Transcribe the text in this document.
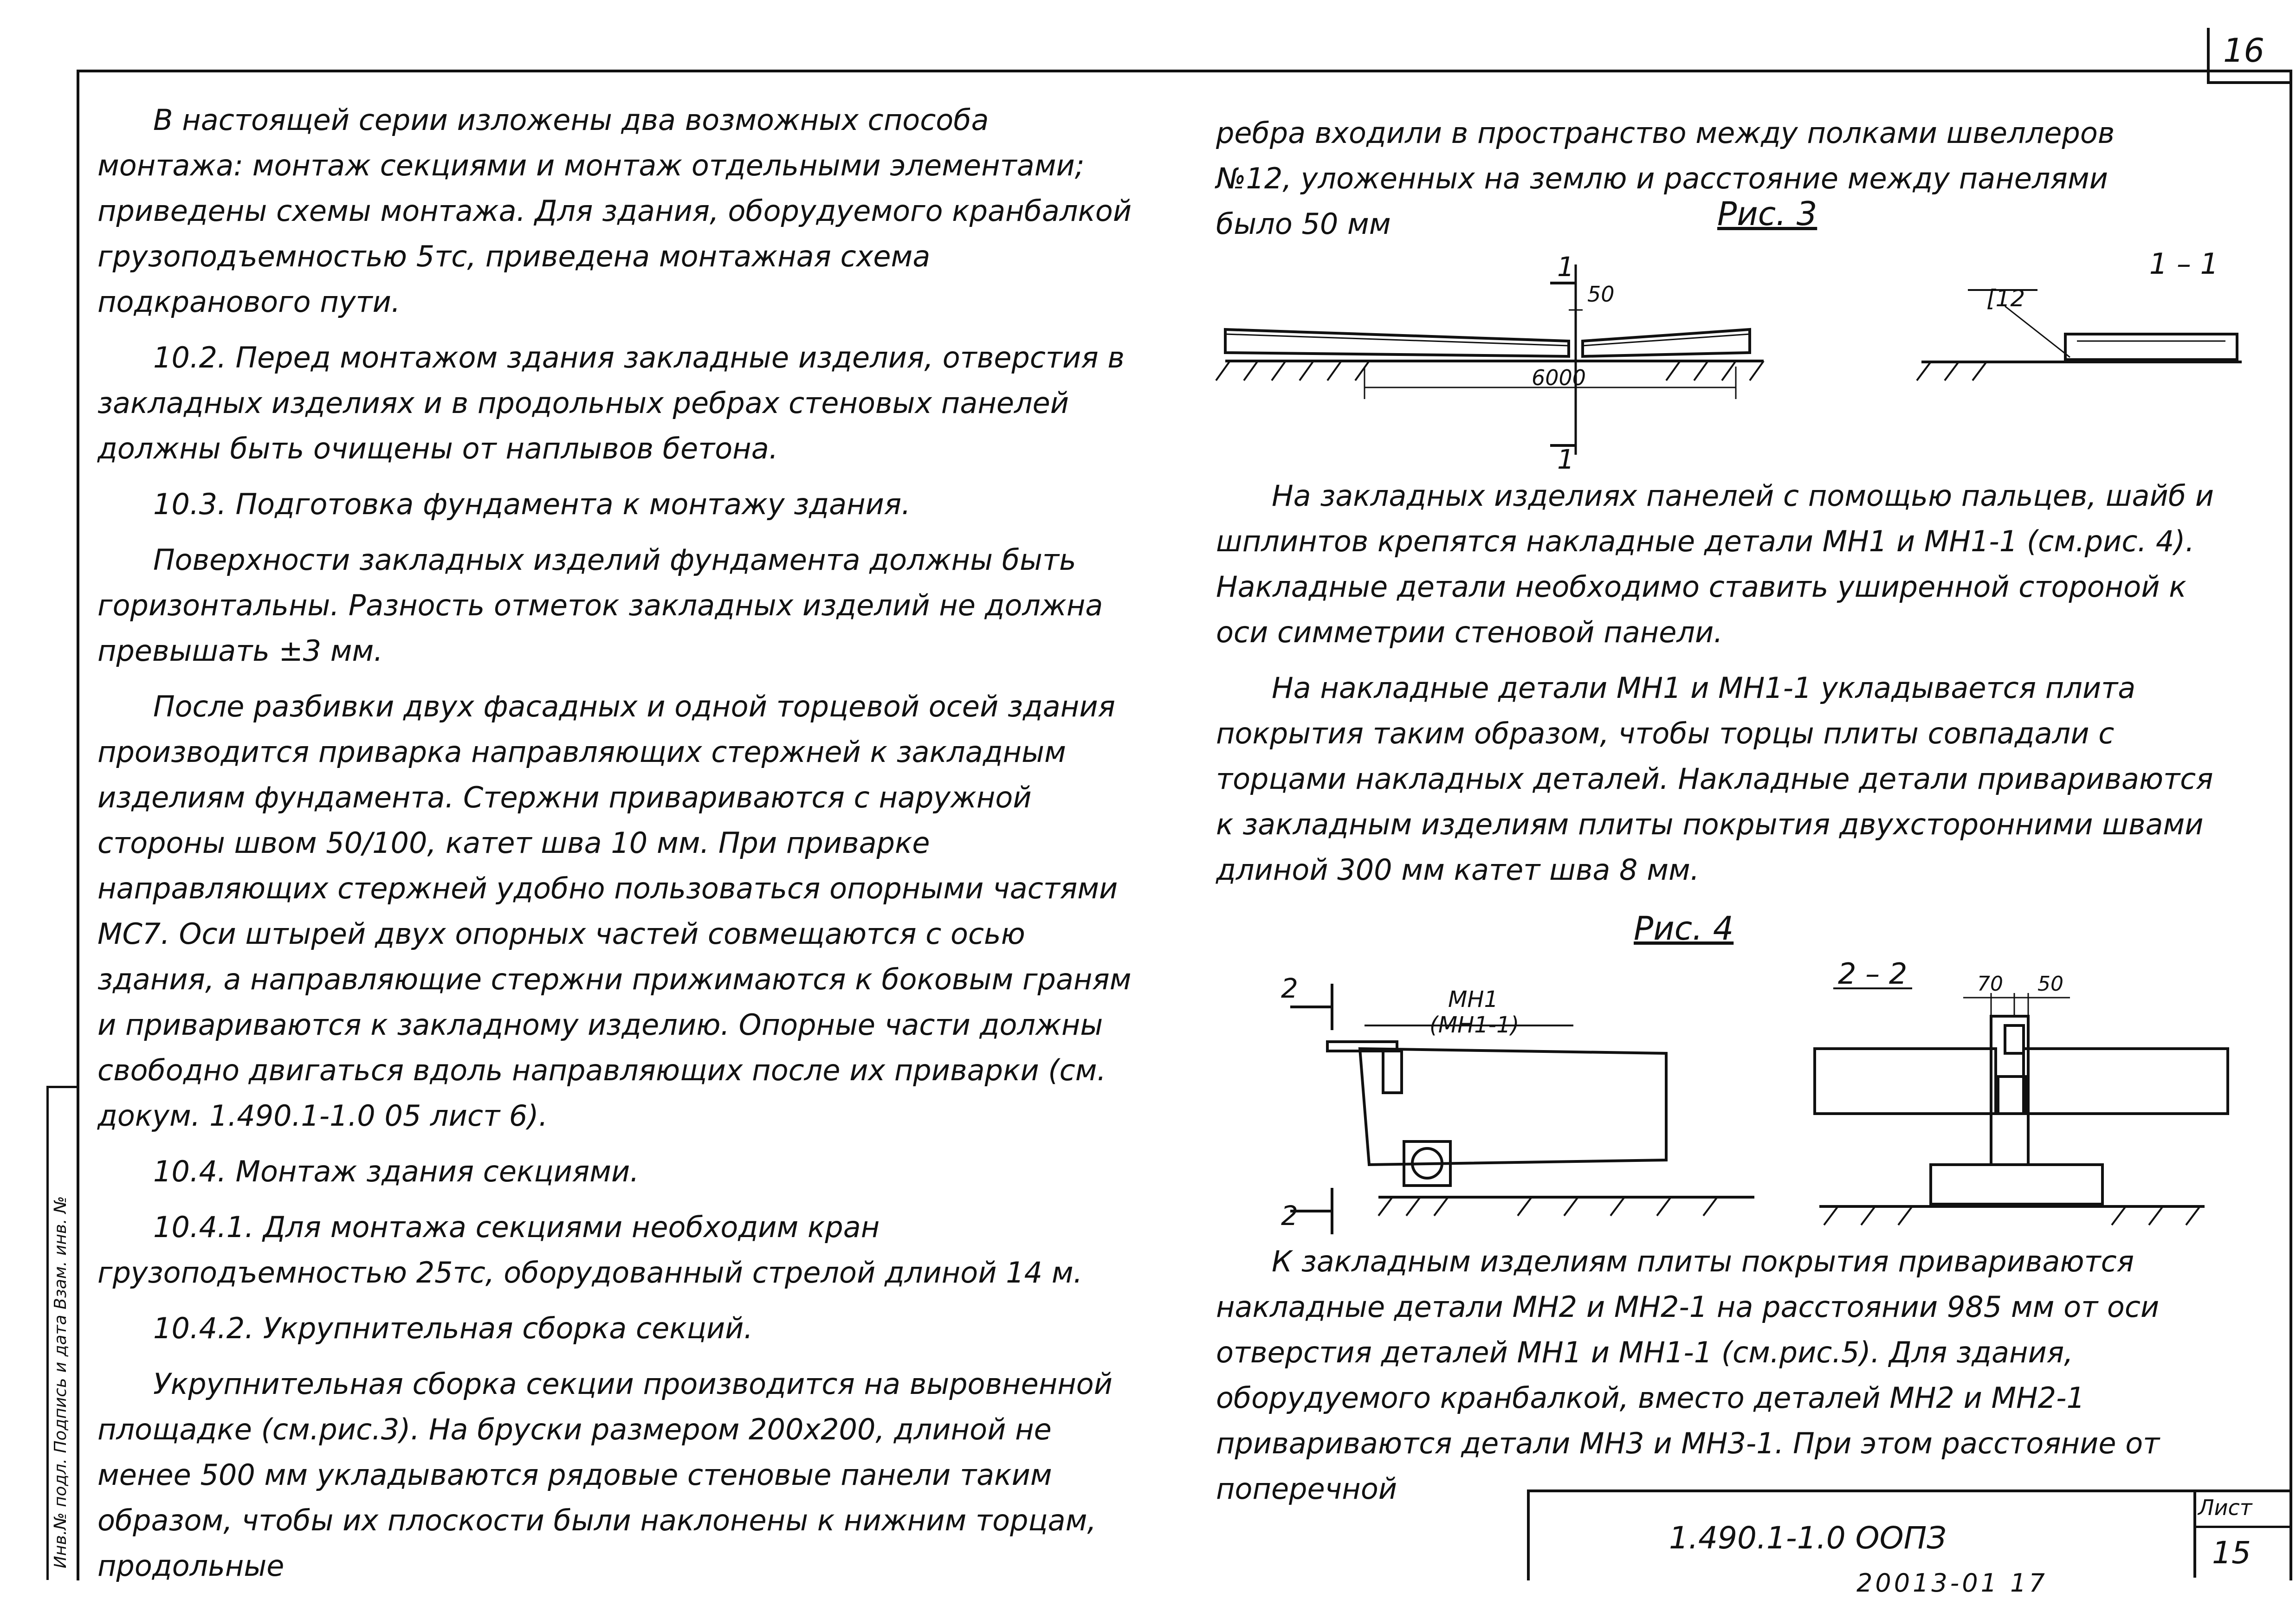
16
Инв.№ подл. Подпись и дата Взам. инв. №

В настоящей серии изложены два возможных способа монтажа: монтаж секциями и монтаж отдельными элементами; приведены схемы монтажа. Для здания, оборудуемого кранбалкой грузоподъемностью 5тс, приведена монтажная схема подкранового пути.

10.2. Перед монтажом здания закладные изделия, отверстия в закладных изделиях и в продольных ребрах стеновых панелей должны быть очищены от наплывов бетона.

10.3. Подготовка фундамента к монтажу здания.

Поверхности закладных изделий фундамента должны быть горизонтальны. Разность отметок закладных изделий не должна превышать ±3 мм.

После разбивки двух фасадных и одной торцевой осей здания производится приварка направляющих стержней к закладным изделиям фундамента. Стержни привариваются с наружной стороны швом 50/100, катет шва 10 мм. При приварке направляющих стержней удобно пользоваться опорными частями МС7. Оси штырей двух опорных частей совмещаются с осью здания, а направляющие стержни прижимаются к боковым граням и привариваются к закладному изделию. Опорные части должны свободно двигаться вдоль направляющих после их приварки (см. докум. 1.490.1-1.0 05 лист 6).

10.4. Монтаж здания секциями.

10.4.1. Для монтажа секциями необходим кран грузоподъемностью 25тс, оборудованный стрелой длиной 14 м.

10.4.2. Укрупнительная сборка секций.

Укрупнительная сборка секции производится на выровненной площадке (см.рис.3). На бруски размером 200х200, длиной не менее 500 мм укладываются рядовые стеновые панели таким образом, чтобы их плоскости были наклонены к нижним торцам, продольные

ребра входили в пространство между полками швеллеров №12, уложенных на землю и расстояние между панелями было 50 мм	Рис. 3
1
1
50
6000
1 – 1
[12

На закладных изделиях панелей с помощью пальцев, шайб и шплинтов крепятся накладные детали МН1 и МН1-1 (см.рис. 4). Накладные детали необходимо ставить уширенной стороной к оси симметрии стеновой панели.

На накладные детали МН1 и МН1-1 укладывается плита покрытия таким образом, чтобы торцы плиты совпадали с торцами накладных деталей. Накладные детали привариваются к закладным изделиям плиты покрытия двухсторонними швами длиной 300 мм катет шва 8 мм.

Рис. 4
2
2
МН1
(МН1-1)
2 – 2	70 50

К закладным изделиям плиты покрытия привариваются накладные детали МН2 и МН2-1 на расстоянии 985 мм от оси отверстия деталей МН1 и МН1-1 (см.рис.5). Для здания, оборудуемого кранбалкой, вместо деталей МН2 и МН2-1 привариваются детали МН3 и МН3-1. При этом расстояние от поперечной

1.490.1-1.0 ООПЗ
Лист
15
20013-01 17
